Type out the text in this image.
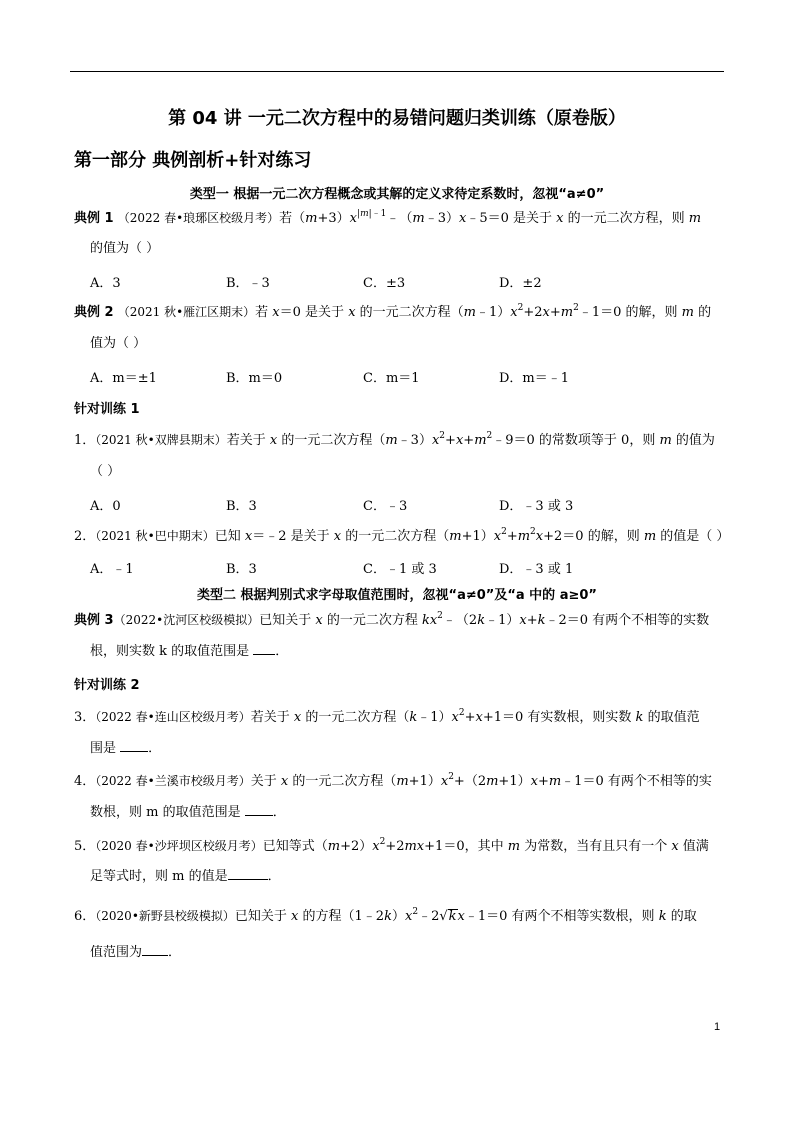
第 04 讲 一元二次方程中的易错问题归类训练（原卷版）
第一部分 典例剖析+针对练习
类型一 根据一元二次方程概念或其解的定义求待定系数时，忽视“a≠0”
典例 1 （2022 春•琅琊区校级月考）若$(m+3)x^{|m|﹣1}﹣(m﹣3)x﹣5=0$ 是关于 x 的一元二次方程，则 m
的值为（ ）
A．3	B．﹣3	C．±3	D．±2
典例 2 （2021 秋•雁江区期末）若 x＝0 是关于 x 的一元二次方程$(m﹣1)x^2+2x+m^2﹣1=0$ 的解，则 m 的
值为（ ）
A．m＝±1	B．m＝0	C．m＝1	D．m＝﹣1
针对训练 1
1．（2021 秋•双牌县期末）若关于 x 的一元二次方程$(m﹣3)x^2+x+m^2﹣9=0$ 的常数项等于 0，则 m 的值为
（ ）
A．0	B．3	C．﹣3	D．﹣3 或 3
2．（2021 秋•巴中期末）已知 x＝﹣2 是关于 x 的一元二次方程$(m+1)x^2+m^2x+2=0$ 的解，则 m 的值是（ ）
A．﹣1	B．3	C．﹣1 或 3	D．﹣3 或 1
类型二 根据判别式求字母取值范围时，忽视“a≠0”及“a 中的 a≥0”
典例 3（2022•沈河区校级模拟）已知关于 x 的一元二次方程 $kx^2﹣(2k﹣1)x+k﹣2=0$ 有两个不相等的实数
根，则实数 k 的取值范围是 ．
针对训练 2
3．（2022 春•连山区校级月考）若关于 x 的一元二次方程$(k﹣1)x^2+x+1=0$ 有实数根，则实数 k 的取值范
围是 ．
4．（2022 春•兰溪市校级月考）关于 x 的一元二次方程$(m+1)x^2+(2m+1)x+m﹣1=0$ 有两个不相等的实
数根，则 m 的取值范围是 ．
5．（2020 春•沙坪坝区校级月考）已知等式$(m+2)x^2+2mx+1=0$，其中 m 为常数，当有且只有一个 x 值满
足等式时，则 m 的值是	．
6．（2020•新野县校级模拟）已知关于 x 的方程$(1﹣2k)x^2﹣2√kx﹣1=0$ 有两个不相等实数根，则 k 的取
值范围为 ．
1
